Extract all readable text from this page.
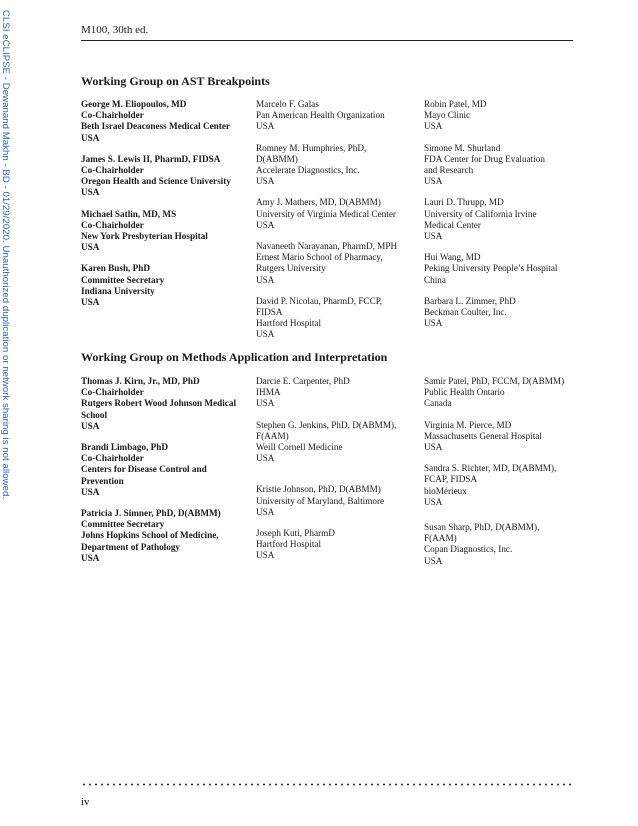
CLSI eCLIPSE - Dewanand Makhn - BD - 01/29/2020. Unauthorized duplication or network sharing is not allowed.	M100, 30th ed.
Working Group on AST Breakpoints
George M. Eliopoulos, MD
Co-Chairholder
Beth Israel Deaconess Medical Center
USA
James S. Lewis II, PharmD, FIDSA
Co-Chairholder
Oregon Health and Science University
USA
Michael Satlin, MD, MS
Co-Chairholder
New York Presbyterian Hospital
USA
Karen Bush, PhD
Committee Secretary
Indiana University
USA
Marcelo F. Galas
Pan American Health Organization
USA
Romney M. Humphries, PhD,
D(ABMM)
Accelerate Diagnostics, Inc.
USA
Amy J. Mathers, MD, D(ABMM)
University of Virginia Medical Center
USA
Navaneeth Narayanan, PharmD, MPH
Ernest Mario School of Pharmacy,
Rutgers University
USA
David P. Nicolau, PharmD, FCCP,
FIDSA
Hartford Hospital
USA
Robin Patel, MD
Mayo Clinic
USA
Simone M. Shurland
FDA Center for Drug Evaluation
and Research
USA
Lauri D. Thrupp, MD
University of California Irvine
Medical Center
USA
Hui Wang, MD
Peking University People’s Hospital
China
Barbara L. Zimmer, PhD
Beckman Coulter, Inc.
USA
Working Group on Methods Application and Interpretation
Thomas J. Kirn, Jr., MD, PhD
Co-Chairholder
Rutgers Robert Wood Johnson Medical School
USA
Brandi Limbago, PhD
Co-Chairholder
Centers for Disease Control and
Prevention
USA
Patricia J. Simner, PhD, D(ABMM)
Committee Secretary
Johns Hopkins School of Medicine,
Department of Pathology
USA
Darcie E. Carpenter, PhD
IHMA
USA
Stephen G. Jenkins, PhD, D(ABMM),
F(AAM)
Weill Cornell Medicine
USA
Kristie Johnson, PhD, D(ABMM)
University of Maryland, Baltimore
USA
Joseph Kuti, PharmD
Hartford Hospital
USA
Samir Patel, PhD, FCCM, D(ABMM)
Public Health Ontario
Canada
Virginia M. Pierce, MD
Massachusetts General Hospital
USA
Sandra S. Richter, MD, D(ABMM),
FCAP, FIDSA
bioMérieux
USA
Susan Sharp, PhD, D(ABMM),
F(AAM)
Copan Diagnostics, Inc.
USA
iv
